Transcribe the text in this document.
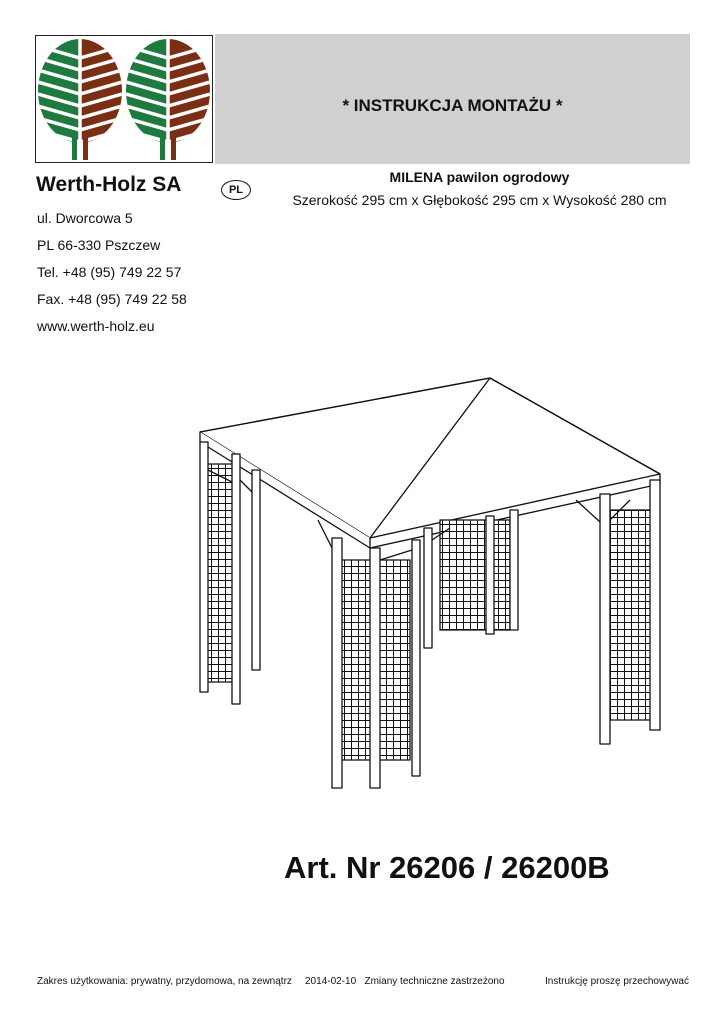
* INSTRUKCJA MONTAŻU *
Werth-Holz SA	PL
ul. Dworcowa 5
PL 66-330 Pszczew
Tel. +48 (95) 749 22 57
Fax. +48 (95) 749 22 58
www.werth-holz.eu
MILENA pawilon ogrodowy
Szerokość 295 cm x Głębokość 295 cm x Wysokość 280 cm
Art. Nr 26206 / 26200B
Zakres użytkowania: prywatny, przydomowa, na zewnątrz 2014-02-10   Zmiany techniczne zastrzeżono	Instrukcję proszę przechowywać
